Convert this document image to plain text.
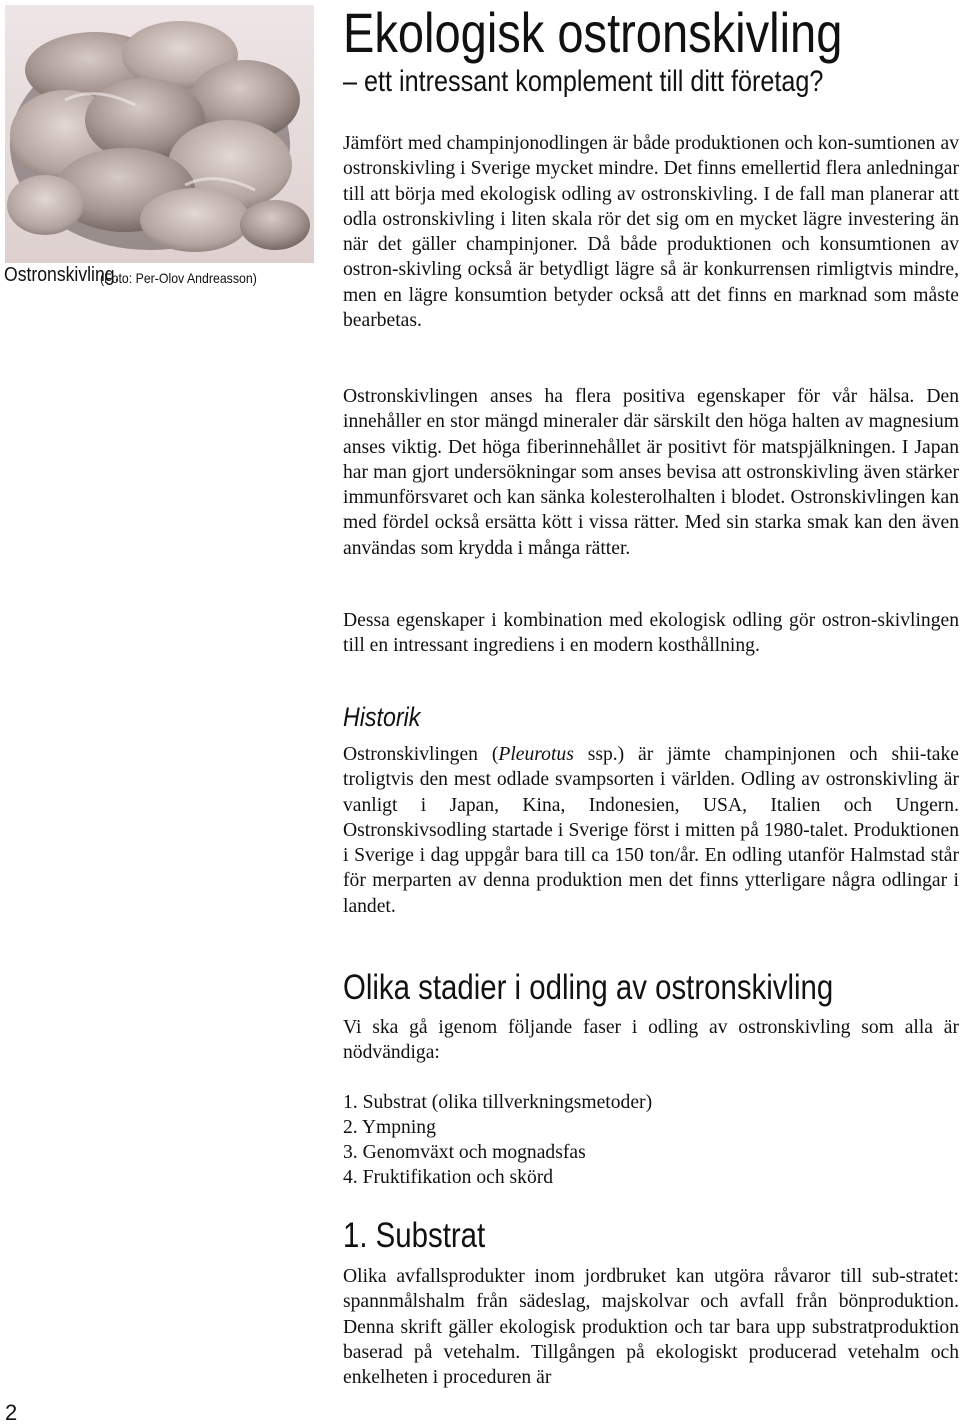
Ostronskivling.
(Foto: Per-Olov Andreasson)
Ekologisk ostronskivling
– ett intressant komplement till ditt företag?

Jämfört med champinjonodlingen är både produktionen och kon-sumtionen av ostronskivling i Sverige mycket mindre. Det finns emellertid flera anledningar till att börja med ekologisk odling av ostronskivling. I de fall man planerar att odla ostronskivling i liten skala rör det sig om en mycket lägre investering än när det gäller champinjoner. Då både produktionen och konsumtionen av ostron-skivling också är betydligt lägre så är konkurrensen rimligtvis mindre, men en lägre konsumtion betyder också att det finns en marknad som måste bearbetas.

Ostronskivlingen anses ha flera positiva egenskaper för vår hälsa. Den innehåller en stor mängd mineraler där särskilt den höga halten av magnesium anses viktig. Det höga fiberinnehållet är positivt för matspjälkningen. I Japan har man gjort undersökningar som anses bevisa att ostronskivling även stärker immunförsvaret och kan sänka kolesterolhalten i blodet. Ostronskivlingen kan med fördel också ersätta kött i vissa rätter. Med sin starka smak kan den även användas som krydda i många rätter.

Dessa egenskaper i kombination med ekologisk odling gör ostron-skivlingen till en intressant ingrediens i en modern kosthållning.

Historik

Ostronskivlingen (Pleurotus ssp.) är jämte champinjonen och shii-take troligtvis den mest odlade svampsorten i världen. Odling av ostronskivling är vanligt i Japan, Kina, Indonesien, USA, Italien och Ungern. Ostronskivsodling startade i Sverige först i mitten på 1980-talet. Produktionen i Sverige i dag uppgår bara till ca 150 ton/år. En odling utanför Halmstad står för merparten av denna produktion men det finns ytterligare några odlingar i landet.

Olika stadier i odling av ostronskivling

Vi ska gå igenom följande faser i odling av ostronskivling som alla är nödvändiga:

1. Substrat (olika tillverkningsmetoder)
2. Ympning
3. Genomväxt och mognadsfas
4. Fruktifikation och skörd
1. Substrat

Olika avfallsprodukter inom jordbruket kan utgöra råvaror till sub-stratet: spannmålshalm från sädeslag, majskolvar och avfall från bönproduktion. Denna skrift gäller ekologisk produktion och tar bara upp substratproduktion baserad på vetehalm. Tillgången på ekologiskt producerad vetehalm och enkelheten i proceduren är

2
